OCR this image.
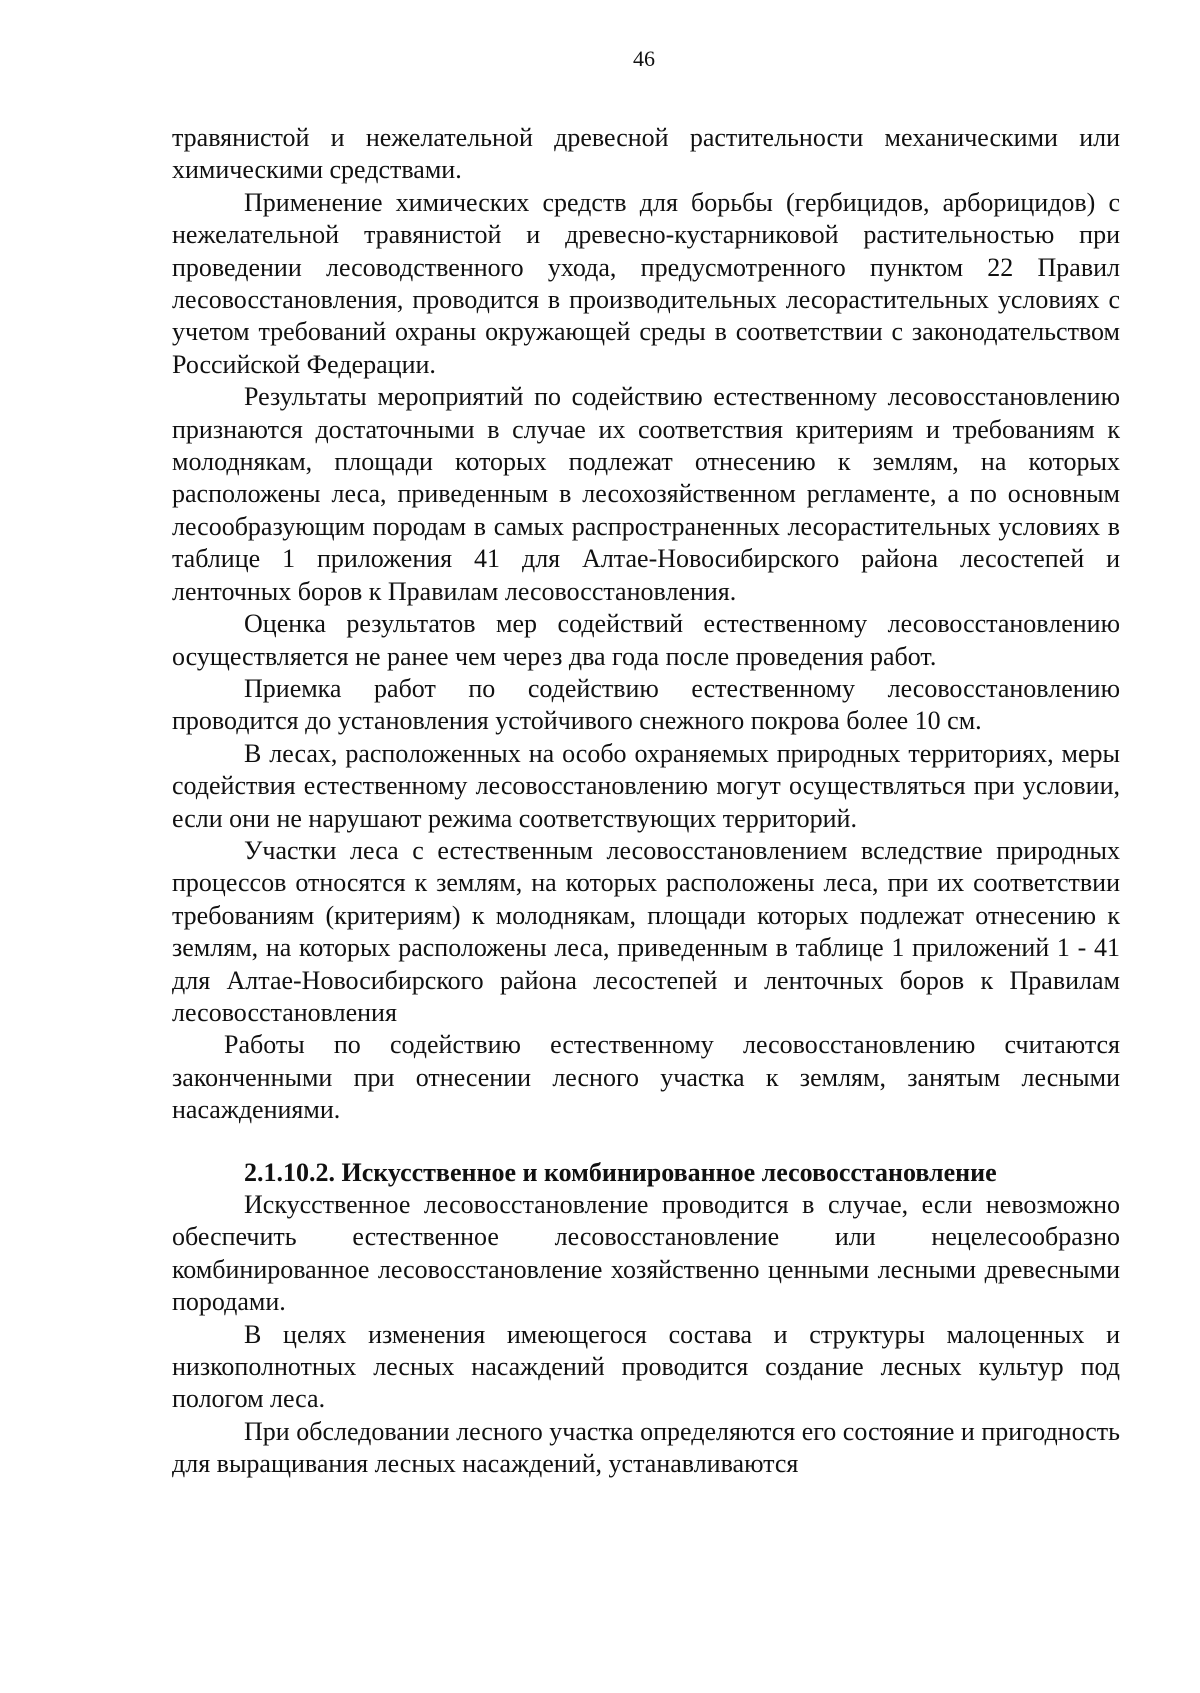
46

травянистой и нежелательной древесной растительности механическими или химическими средствами.

Применение химических средств для борьбы (гербицидов, арборицидов) с нежелательной травянистой и древесно-кустарниковой растительностью при проведении лесоводственного ухода, предусмотренного пунктом 22 Правил лесовосстановления, проводится в производительных лесорастительных условиях с учетом требований охраны окружающей среды в соответствии с законодательством Российской Федерации.

Результаты мероприятий по содействию естественному лесовосстановлению признаются достаточными в случае их соответствия критериям и требованиям к молоднякам, площади которых подлежат отнесению к землям, на которых расположены леса, приведенным в лесохозяйственном регламенте, а по основным лесообразующим породам в самых распространенных лесорастительных условиях в таблице 1 приложения 41 для Алтае-Новосибирского района лесостепей и ленточных боров к Правилам лесовосстановления.

Оценка результатов мер содействий естественному лесовосстановлению осуществляется не ранее чем через два года после проведения работ.

Приемка работ по содействию естественному лесовосстановлению проводится до установления устойчивого снежного покрова более 10 см.

В лесах, расположенных на особо охраняемых природных территориях, меры содействия естественному лесовосстановлению могут осуществляться при условии, если они не нарушают режима соответствующих территорий.

Участки леса с естественным лесовосстановлением вследствие природных процессов относятся к землям, на которых расположены леса, при их соответствии требованиям (критериям) к молоднякам, площади которых подлежат отнесению к землям, на которых расположены леса, приведенным в таблице 1 приложений 1 - 41 для Алтае-Новосибирского района лесостепей и ленточных боров к Правилам лесовосстановления

Работы по содействию естественному лесовосстановлению считаются законченными при отнесении лесного участка к землям, занятым лесными насаждениями.

2.1.10.2. Искусственное и комбинированное лесовосстановление

Искусственное лесовосстановление проводится в случае, если невозможно обеспечить естественное лесовосстановление или нецелесообразно комбинированное лесовосстановление хозяйственно ценными лесными древесными породами.

В целях изменения имеющегося состава и структуры малоценных и низкополнотных лесных насаждений проводится создание лесных культур под пологом леса.

При обследовании лесного участка определяются его состояние и пригодность для выращивания лесных насаждений, устанавливаются
